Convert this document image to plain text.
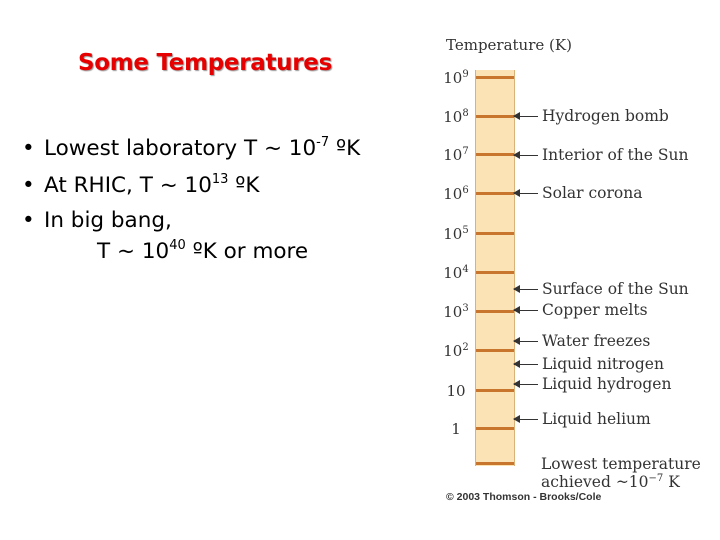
Some Temperatures
• Lowest laboratory T ~ $10^{-7}$ ºK
• At RHIC, T ~ $10^{13}$ ºK
• In big bang,
T ~ $10^{40}$ ºK or more
Temperature (K)
$10^9$
$10^8$
$10^7$
$10^6$
$10^5$
$10^4$
$10^3$
$10^2$
10
1
Hydrogen bomb
Interior of the Sun
Solar corona
Surface of the Sun
Copper melts
Water freezes
Liquid nitrogen
Liquid hydrogen
Liquid helium
Lowest temperature
achieved $\sim 10^{-7}$ K
© 2003 Thomson - Brooks/Cole
